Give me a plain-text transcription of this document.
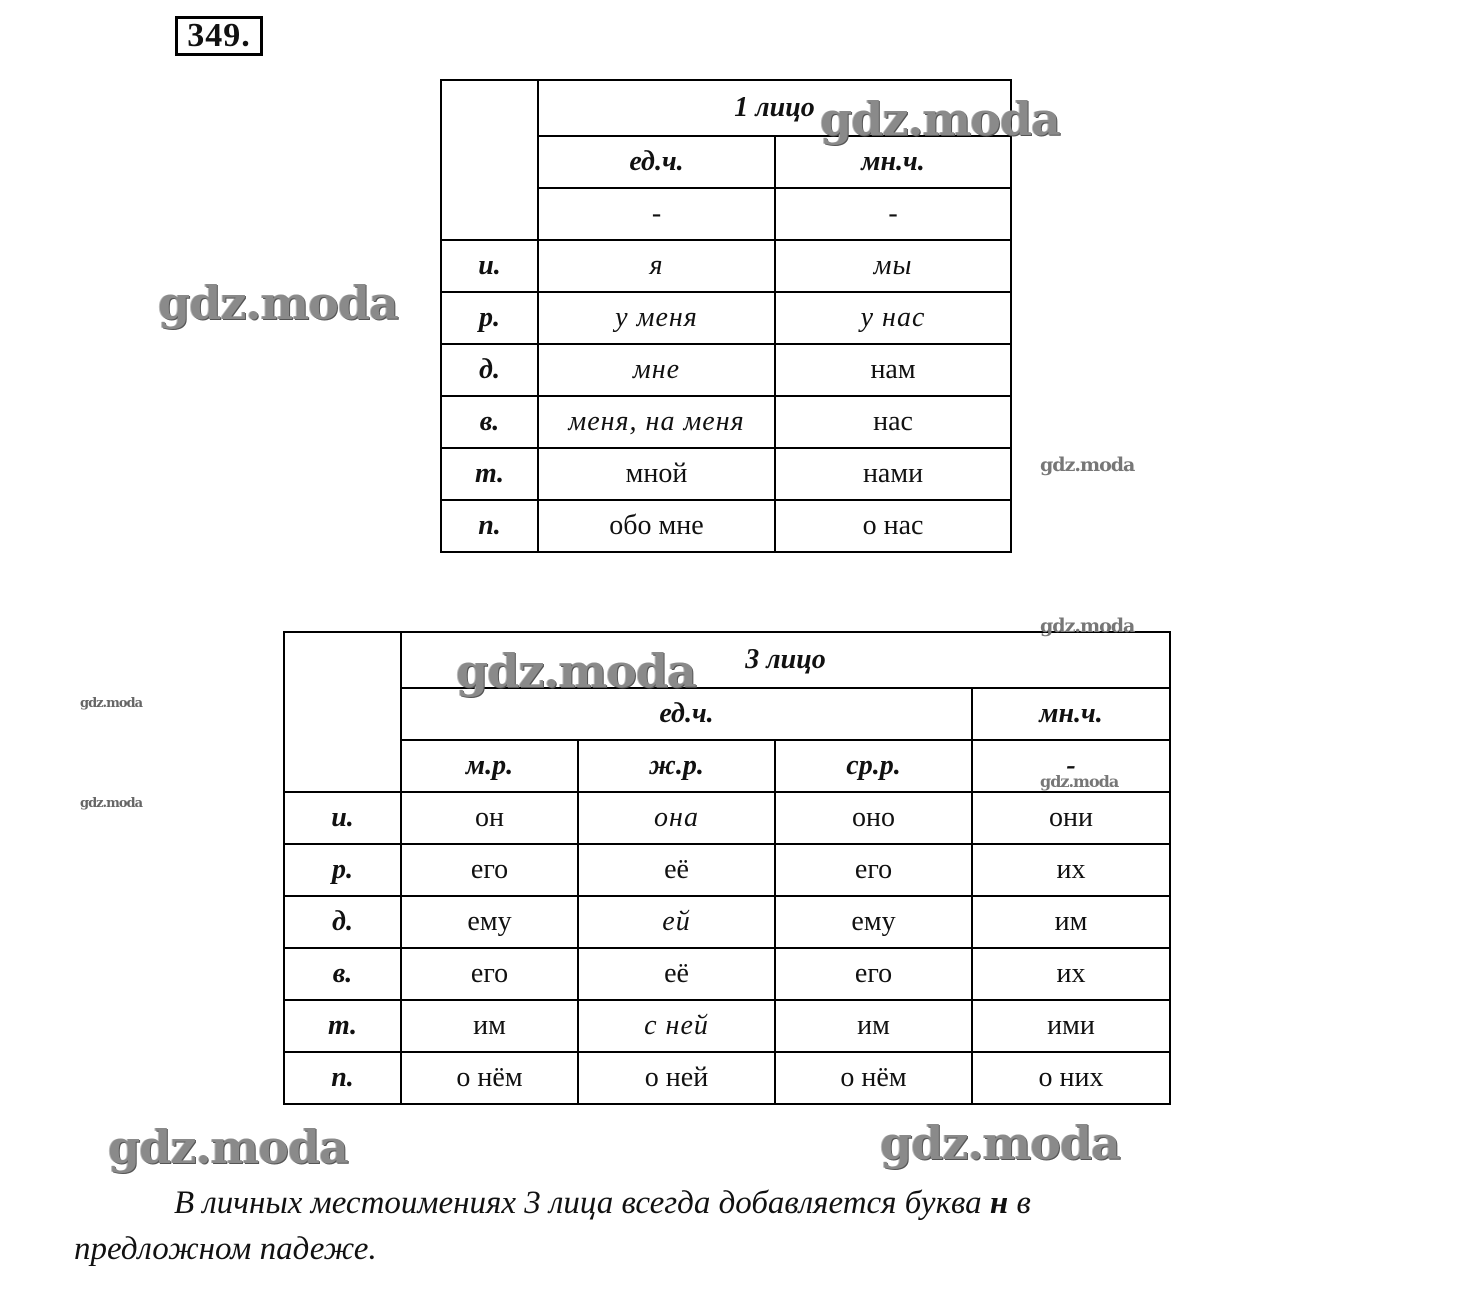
349.
	1 лицо	
	ед.ч.	мн.ч.
	-	-
и.	я	мы
р.	у меня	у нас
д.	мне	нам
в.	меня, на меня	нас
т.	мной	нами
п.	обо мне	о нас
	3 лицо			
	ед.ч.			мн.ч.
	м.р.	ж.р.	ср.р.	-
и.	он	она	оно	они
р.	его	её	его	их
д.	ему	ей	ему	им
в.	его	её	его	их
т.	им	с ней	им	ими
п.	о нём	о ней	о нём	о них
В личных местоимениях 3 лица всегда добавляется буква н в
предложном падеже.
gdz.moda
gdz.moda
gdz.moda
gdz.moda
gdz.moda
gdz.moda
gdz.moda
gdz.moda
gdz.moda	gdz.moda
